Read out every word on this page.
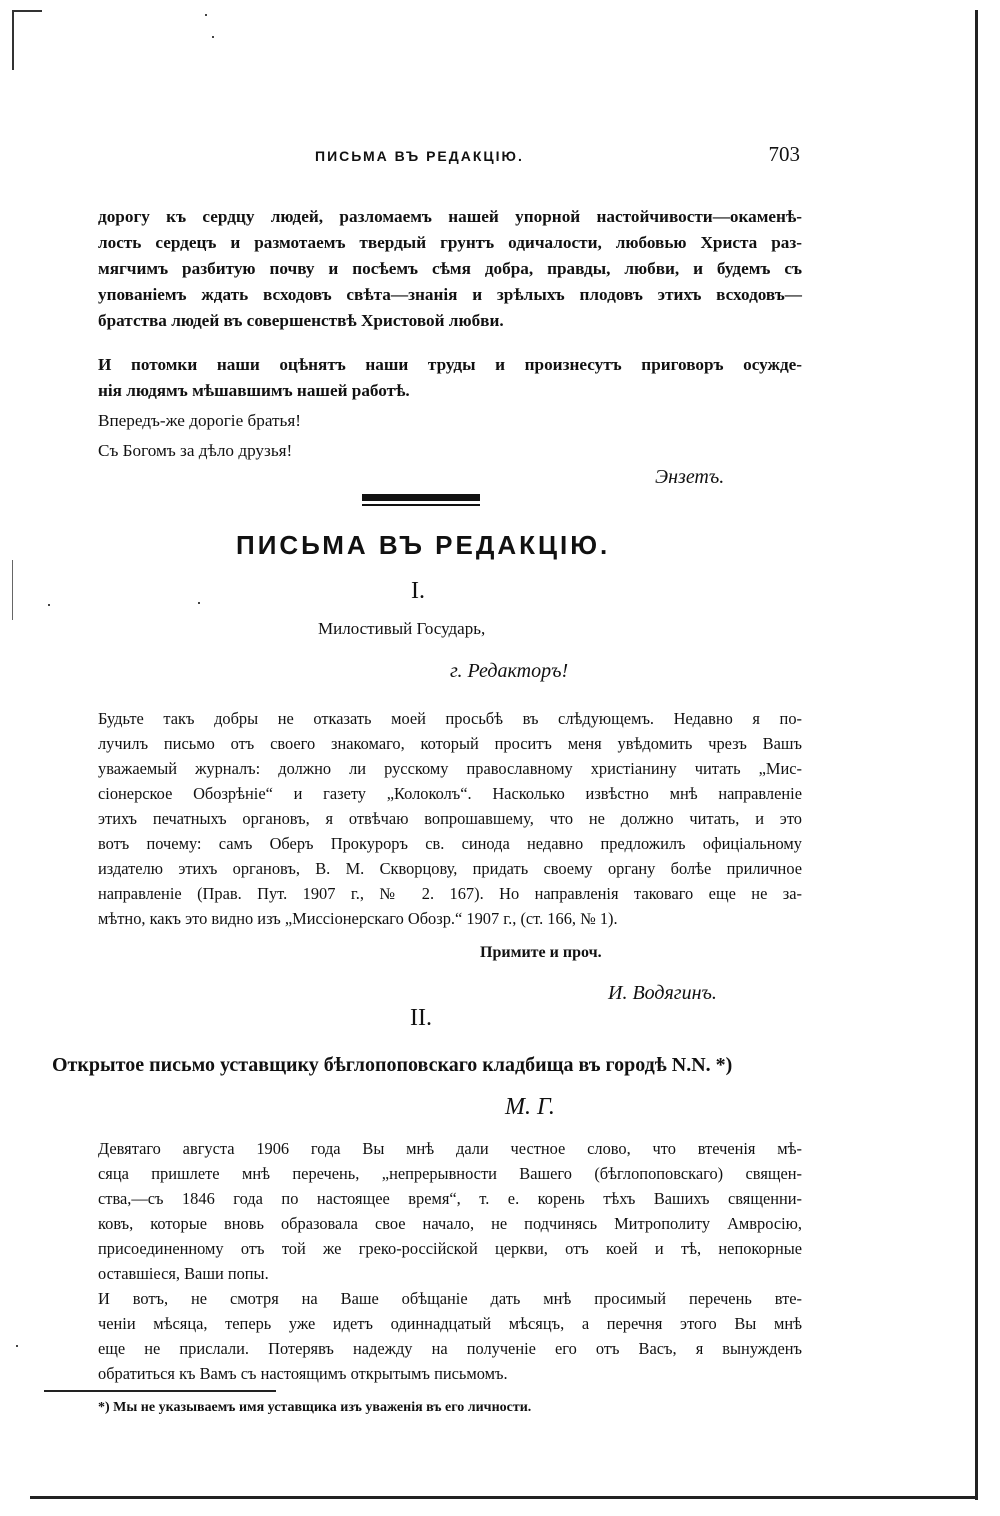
ПИСЬМА ВЪ РЕДАКЦІЮ.	703
дорогу къ сердцу людей, разломаемъ нашей упорной настойчивости—окаменѣ-
лость сердецъ и размотаемъ твердый грунтъ одичалости, любовью Христа раз-
мягчимъ разбитую почву и посѣемъ сѣмя добра, правды, любви, и будемъ съ
упованіемъ ждать всходовъ свѣта—знанія и зрѣлыхъ плодовъ этихъ всходовъ—
братства людей въ совершенствѣ Христовой любви.
И потомки наши оцѣнятъ наши труды и произнесутъ приговоръ осужде-
нія людямъ мѣшавшимъ нашей работѣ.
Впередъ-же дорогіе братья!
Съ Богомъ за дѣло друзья!
Энзетъ.
ПИСЬМА ВЪ РЕДАКЦІЮ.
I.
Милостивый Государь,
г. Редакторъ!
Будьте такъ добры не отказать моей просьбѣ въ слѣдующемъ. Недавно я по-
лучилъ письмо отъ своего знакомаго, который проситъ меня увѣдомить чрезъ Вашъ
уважаемый журналъ: должно ли русскому православному христіанину читать „Мис-
сіонерское Обозрѣніе“ и газету „Колоколъ“. Насколько извѣстно мнѣ направленіе
этихъ печатныхъ органовъ, я отвѣчаю вопрошавшему, что не должно читать, и это
вотъ почему: самъ Оберъ Прокуроръ св. синода недавно предложилъ офиціальному
издателю этихъ органовъ, В. М. Скворцову, придать своему органу болѣе приличное
направленіе (Прав. Пут. 1907 г., № 2. 167). Но направленія таковаго еще не за-
мѣтно, какъ это видно изъ „Миссіонерскаго Обозр.“ 1907 г., (ст. 166, № 1).
Примите и проч.
И. Водягинъ.
II.
Открытое письмо уставщику бѣглопоповскаго кладбища въ городѣ N.N. *)
М. Г.
Девятаго августа 1906 года Вы мнѣ дали честное слово, что втеченія мѣ-
сяца пришлете мнѣ перечень, „непрерывности Вашего (бѣглопоповскаго) священ-
ства,—съ 1846 года по настоящее время“, т. е. корень тѣхъ Вашихъ священни-
ковъ, которые вновь образовала свое начало, не подчинясь Митрополиту Амвросію,
присоединенному отъ той же греко-россійской церкви, отъ коей и тѣ, непокорные
оставшіеся, Ваши попы.
И вотъ, не смотря на Ваше обѣщаніе дать мнѣ просимый перечень вте-
ченіи мѣсяца, теперь уже идетъ одиннадцатый мѣсяцъ, а перечня этого Вы мнѣ
еще не прислали. Потерявъ надежду на полученіе его отъ Васъ, я вынужденъ
обратиться къ Вамъ съ настоящимъ открытымъ письмомъ.
*) Мы не указываемъ имя уставщика изъ уваженія въ его личности.
